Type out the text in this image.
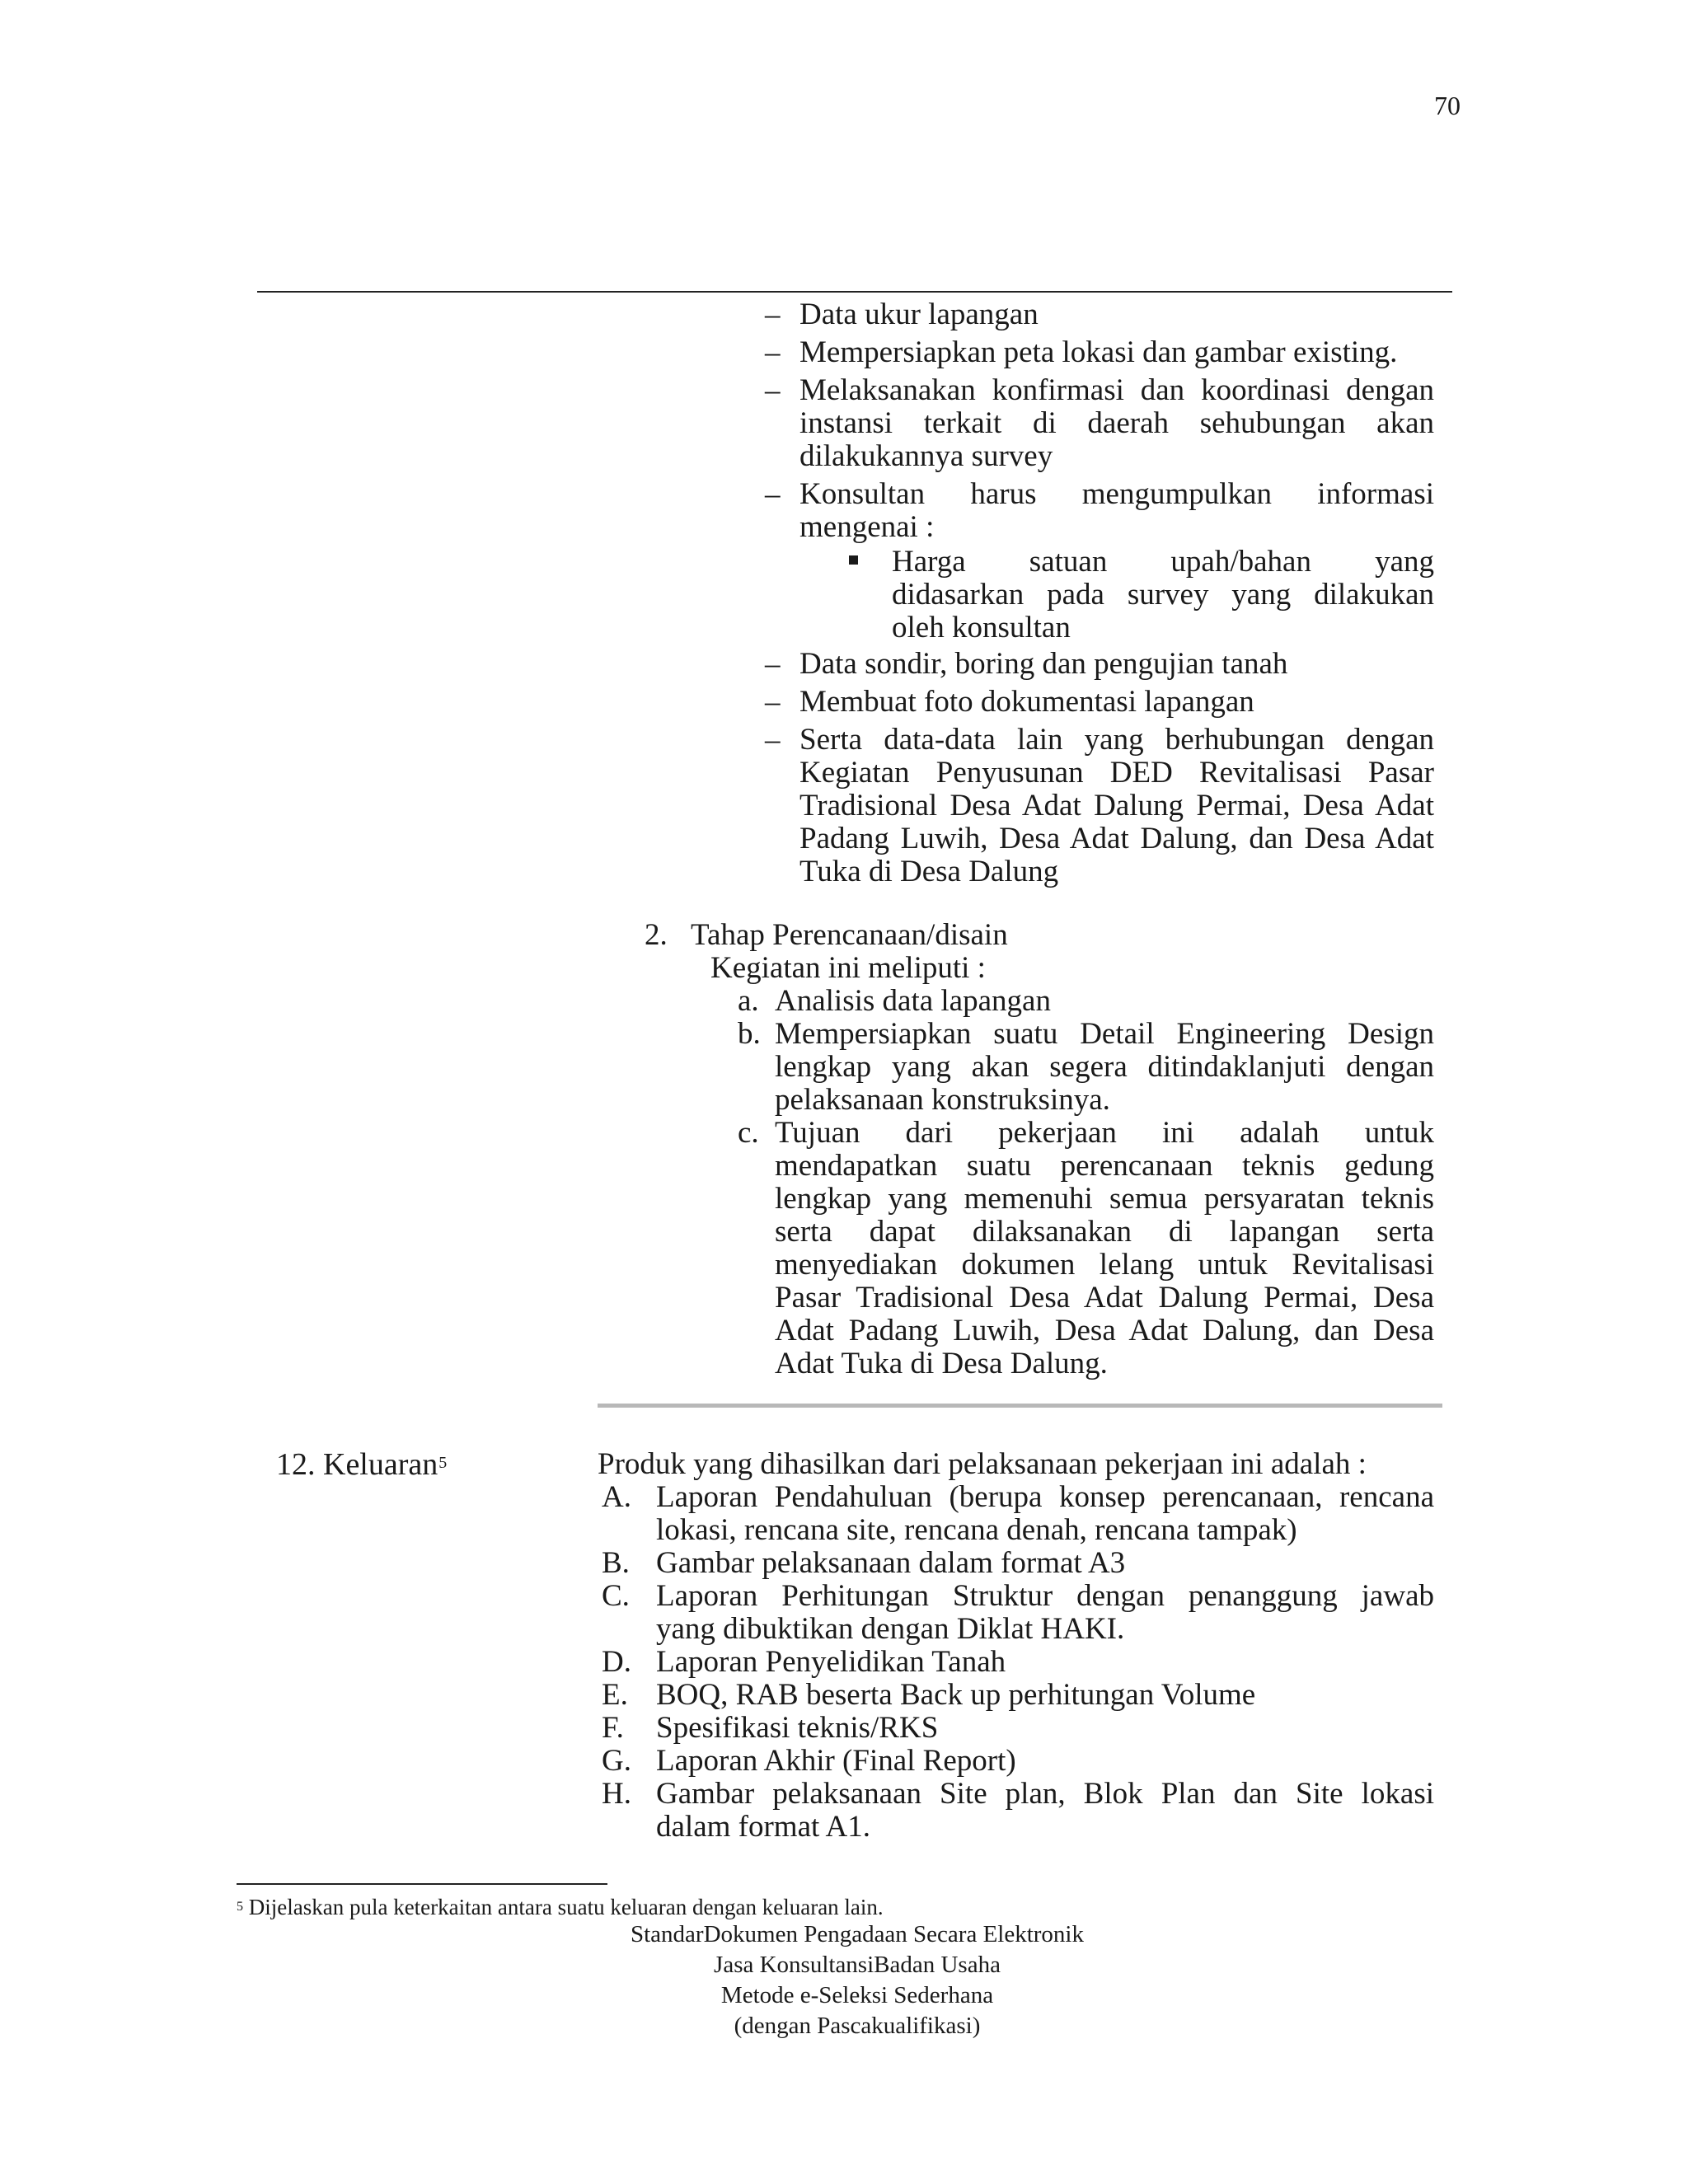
70
– Data ukur lapangan
– Mempersiapkan peta lokasi dan gambar existing.
– Melaksanakan konfirmasi dan koordinasi dengan
instansi terkait di daerah sehubungan akan
dilakukannya survey
– Konsultan harus mengumpulkan informasi
mengenai :
Harga satuan upah/bahan yang
didasarkan pada survey yang dilakukan
oleh konsultan
– Data sondir, boring dan pengujian tanah
– Membuat foto dokumentasi lapangan
– Serta data-data lain yang berhubungan dengan
Kegiatan Penyusunan DED Revitalisasi Pasar
Tradisional Desa Adat Dalung Permai, Desa Adat
Padang Luwih, Desa Adat Dalung, dan Desa Adat
Tuka di Desa Dalung
2. Tahap Perencanaan/disain
Kegiatan ini meliputi :
a. Analisis data lapangan
b. Mempersiapkan suatu Detail Engineering Design
lengkap yang akan segera ditindaklanjuti dengan
pelaksanaan konstruksinya.
c. Tujuan dari pekerjaan ini adalah untuk
mendapatkan suatu perencanaan teknis gedung
lengkap yang memenuhi semua persyaratan teknis
serta dapat dilaksanakan di lapangan serta
menyediakan dokumen lelang untuk Revitalisasi
Pasar Tradisional Desa Adat Dalung Permai, Desa
Adat Padang Luwih, Desa Adat Dalung, dan Desa
Adat Tuka di Desa Dalung.
12. Keluaran$^5$	Produk yang dihasilkan dari pelaksanaan pekerjaan ini adalah :
A. Laporan Pendahuluan (berupa konsep perencanaan, rencana
lokasi, rencana site, rencana denah, rencana tampak)
B. Gambar pelaksanaan dalam format A3
C. Laporan Perhitungan Struktur dengan penanggung jawab
yang dibuktikan dengan Diklat HAKI.
D. Laporan Penyelidikan Tanah
E. BOQ, RAB beserta Back up perhitungan Volume
F. Spesifikasi teknis/RKS
G. Laporan Akhir (Final Report)
H. Gambar pelaksanaan Site plan, Blok Plan dan Site lokasi
dalam format A1.
$^5$ Dijelaskan pula keterkaitan antara suatu keluaran dengan keluaran lain.
StandarDokumen Pengadaan Secara Elektronik
Jasa KonsultansiBadan Usaha
Metode e-Seleksi Sederhana
(dengan Pascakualifikasi)
